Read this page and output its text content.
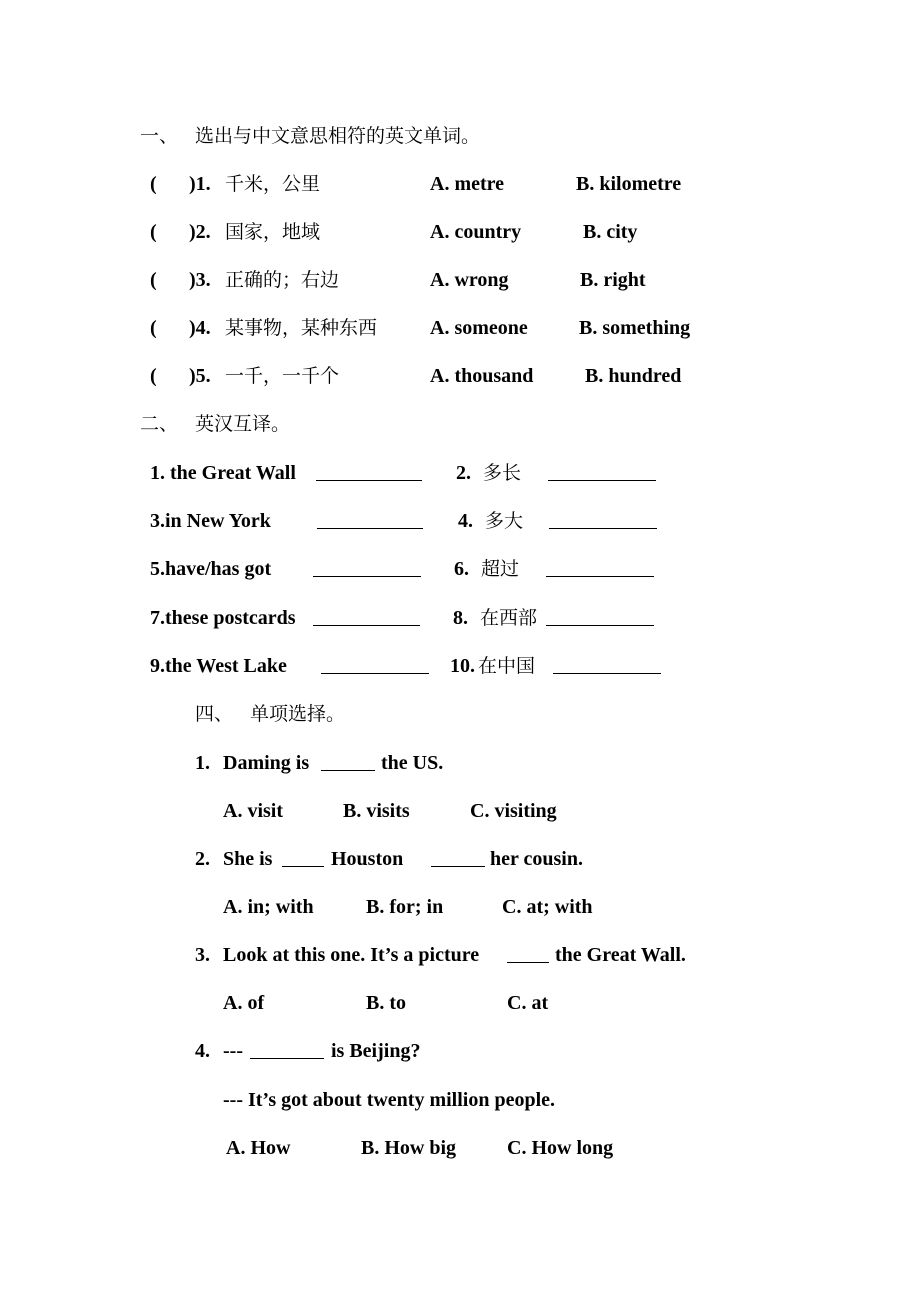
一、 选出与中文意思相符的英文单词。
( )1. 千米，公里	A. metre	B. kilometre
( )2. 国家，地域	A. country	B. city
( )3. 正确的；右边	A. wrong	B. right
( )4. 某事物，某种东西	A. someone	B. something
( )5. 一千，一千个	A. thousand	B. hundred
二、 英汉互译。
1. the Great Wall	2. 多长
3.in New York	4. 多大
5.have/has got	6. 超过
7.these postcards	8. 在西部
9.the West Lake	10. 在中国
四、 单项选择。
1. Daming is	the US.
A. visit	B. visits	C. visiting
2. She is	Houston	her cousin.
A. in; with	B. for; in	C. at; with
3. Look at this one. It’s a picture	the Great Wall.
A. of	B. to	C. at
4. ---	is Beijing?
--- It’s got about twenty million people.
A. How	B. How big	C. How long
